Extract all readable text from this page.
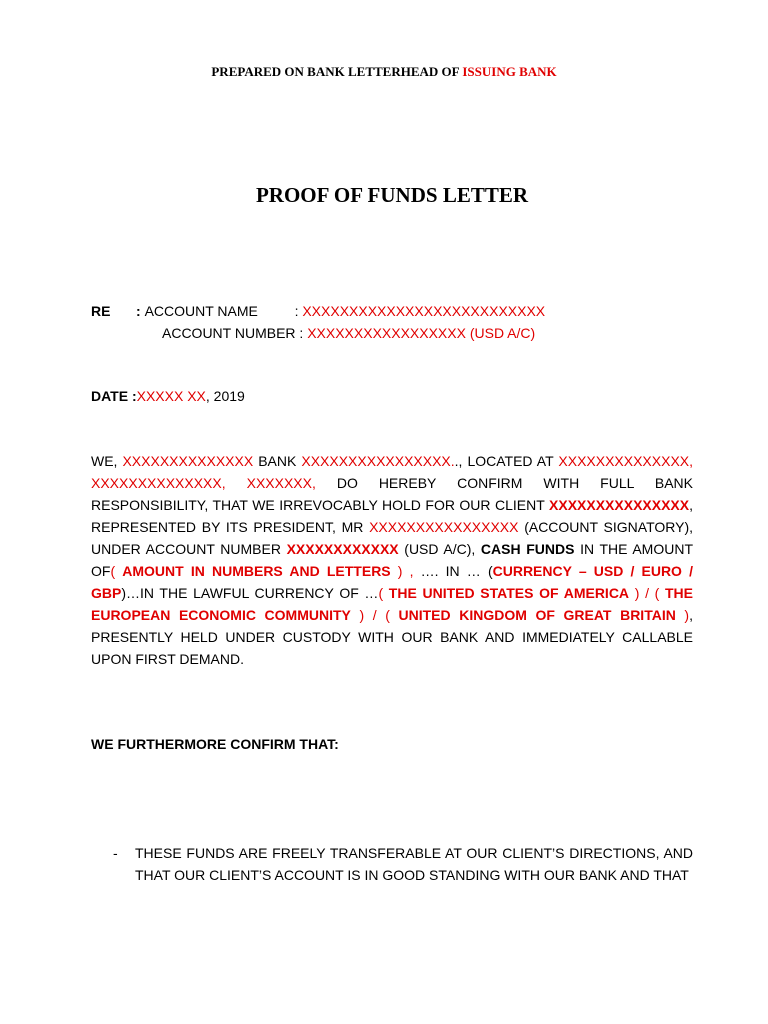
PREPARED ON BANK LETTERHEAD OF ISSUING BANK
PROOF OF FUNDS LETTER
RE : ACCOUNT NAME	: XXXXXXXXXXXXXXXXXXXXXXXXXX
ACCOUNT NUMBER : XXXXXXXXXXXXXXXXX (USD A/C)
DATE :XXXXX XX, 2019
WE, XXXXXXXXXXXXXX BANK XXXXXXXXXXXXXXXX.., LOCATED AT XXXXXXXXXXXXXX, XXXXXXXXXXXXXX, XXXXXXX, DO HEREBY CONFIRM WITH FULL BANK RESPONSIBILITY, THAT WE IRREVOCABLY HOLD FOR OUR CLIENT XXXXXXXXXXXXXXX, REPRESENTED BY ITS PRESIDENT, MR XXXXXXXXXXXXXXXX (ACCOUNT SIGNATORY), UNDER ACCOUNT NUMBER XXXXXXXXXXXX (USD A/C), CASH FUNDS IN THE AMOUNT OF( AMOUNT IN NUMBERS AND LETTERS ) , …. IN … (CURRENCY – USD / EURO / GBP)…IN THE LAWFUL CURRENCY OF …( THE UNITED STATES OF AMERICA ) / ( THE EUROPEAN ECONOMIC COMMUNITY ) / ( UNITED KINGDOM OF GREAT BRITAIN ), PRESENTLY HELD UNDER CUSTODY WITH OUR BANK AND IMMEDIATELY CALLABLE UPON FIRST DEMAND.
WE FURTHERMORE CONFIRM THAT:
- THESE FUNDS ARE FREELY TRANSFERABLE AT OUR CLIENT’S DIRECTIONS, AND THAT OUR CLIENT’S ACCOUNT IS IN GOOD STANDING WITH OUR BANK AND THAT
